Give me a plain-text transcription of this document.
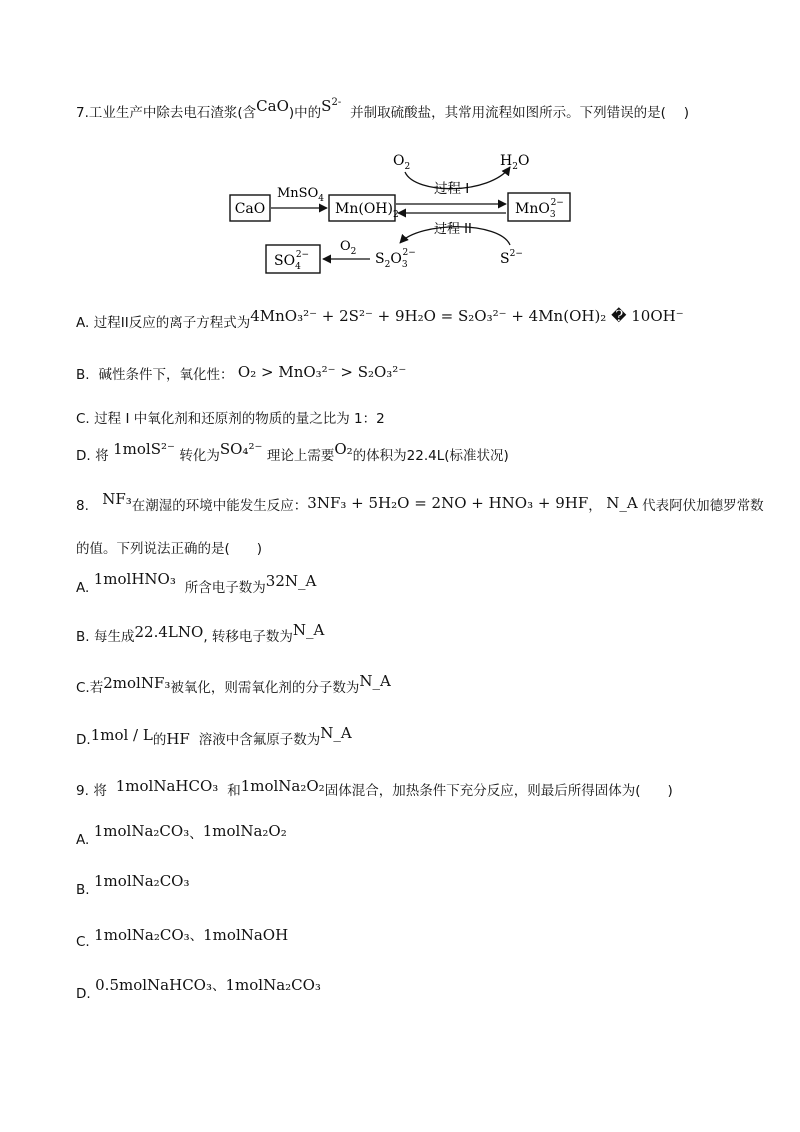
7.工业生产中除去电石渣浆(含CaO)中的$S^{2-}$  并制取硫酸盐，其常用流程如图所示。下列错误的是( )
CaO
MnSO$_4$
$Mn(OH)_2$	MnO$_3$2−
$O_2$	$H_2O$
过程 I
过程 II
$S^{2-}$
$S_2O_32-$
$O_2$
$SO_42-$
A. 过程II反应的离子方程式为4MnO₃²⁻ + 2S²⁻ + 9H₂O = S₂O₃²⁻ + 4Mn(OH)₂ � 10OH⁻
B. 碱性条件下，氧化性： O₂ > MnO₃²⁻ > S₂O₃²⁻
C. 过程 I 中氧化剂和还原剂的物质的量之比为 1：2
D. 将 1molS²⁻ 转化为SO₄²⁻ 理论上需要O₂的体积为22.4L(标准状况)
8. NF₃在潮湿的环境中能发生反应：3NF₃ + 5H₂O = 2NO + HNO₃ + 9HF， N_A 代表阿伏加德罗常数
的值。下列说法正确的是(　　)
A. 1molHNO₃ 所含电子数为32N_A
B. 每生成22.4LNO, 转移电子数为N_A
C.若2molNF₃被氧化，则需氧化剂的分子数为N_A
D.1mol / L的HF 溶液中含氟原子数为N_A
9. 将 1molNaHCO₃ 和1molNa₂O₂固体混合，加热条件下充分反应，则最后所得固体为(　　)
A. 1molNa₂CO₃、1molNa₂O₂
B. 1molNa₂CO₃
C. 1molNa₂CO₃、1molNaOH
D. 0.5molNaHCO₃、1molNa₂CO₃
